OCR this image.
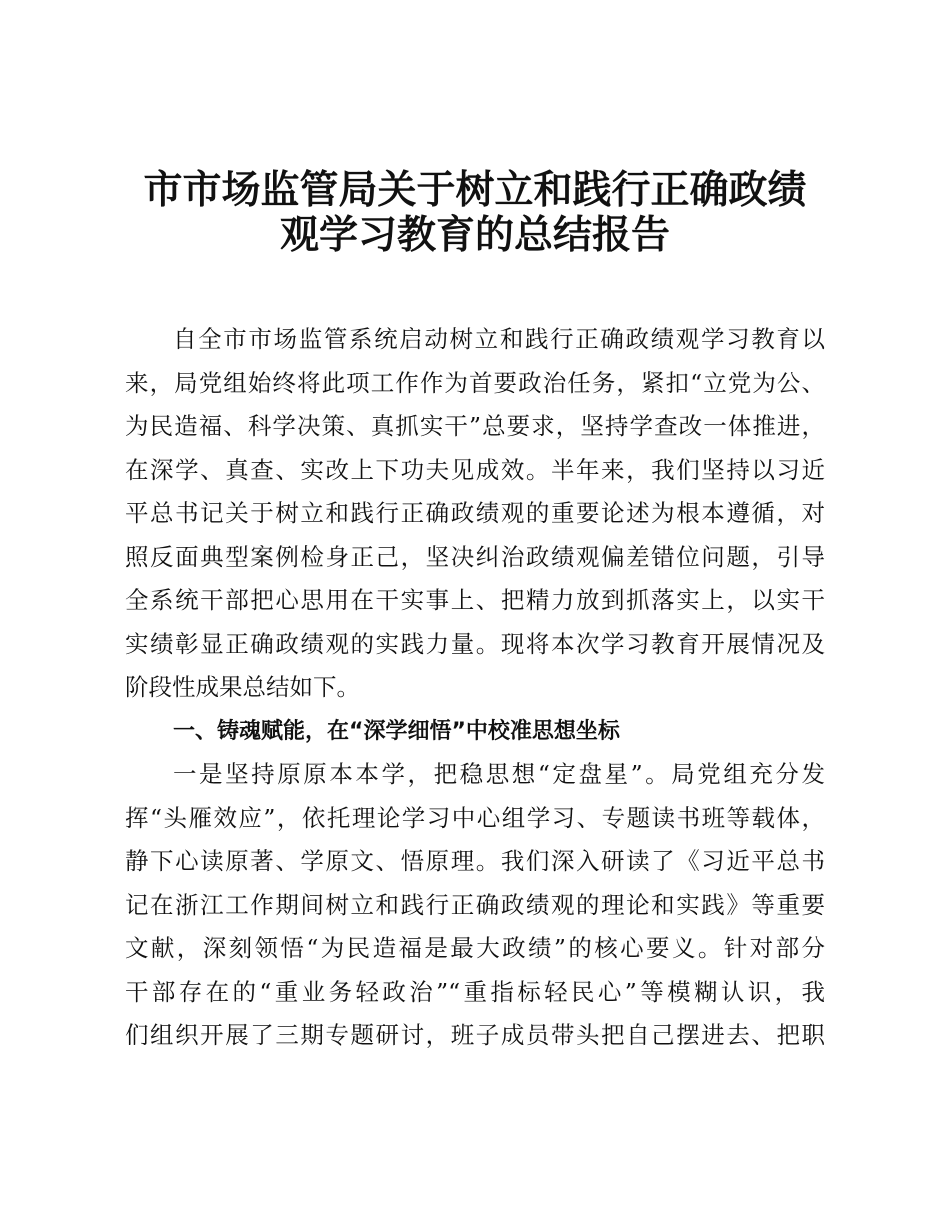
市市场监管局关于树立和践行正确政绩
观学习教育的总结报告
自全市市场监管系统启动树立和践行正确政绩观学习教育以
来，局党组始终将此项工作作为首要政治任务，紧扣“立党为公、
为民造福、科学决策、真抓实干”总要求，坚持学查改一体推进，
在深学、真查、实改上下功夫见成效。半年来，我们坚持以习近
平总书记关于树立和践行正确政绩观的重要论述为根本遵循，对
照反面典型案例检身正己，坚决纠治政绩观偏差错位问题，引导
全系统干部把心思用在干实事上、把精力放到抓落实上，以实干
实绩彰显正确政绩观的实践力量。现将本次学习教育开展情况及
阶段性成果总结如下。
一、铸魂赋能，在“深学细悟”中校准思想坐标
一是坚持原原本本学，把稳思想“定盘星”。局党组充分发
挥“头雁效应”，依托理论学习中心组学习、专题读书班等载体，
静下心读原著、学原文、悟原理。我们深入研读了《习近平总书
记在浙江工作期间树立和践行正确政绩观的理论和实践》等重要
文献，深刻领悟“为民造福是最大政绩”的核心要义。针对部分
干部存在的“重业务轻政治”“重指标轻民心”等模糊认识，我
们组织开展了三期专题研讨，班子成员带头把自己摆进去、把职
